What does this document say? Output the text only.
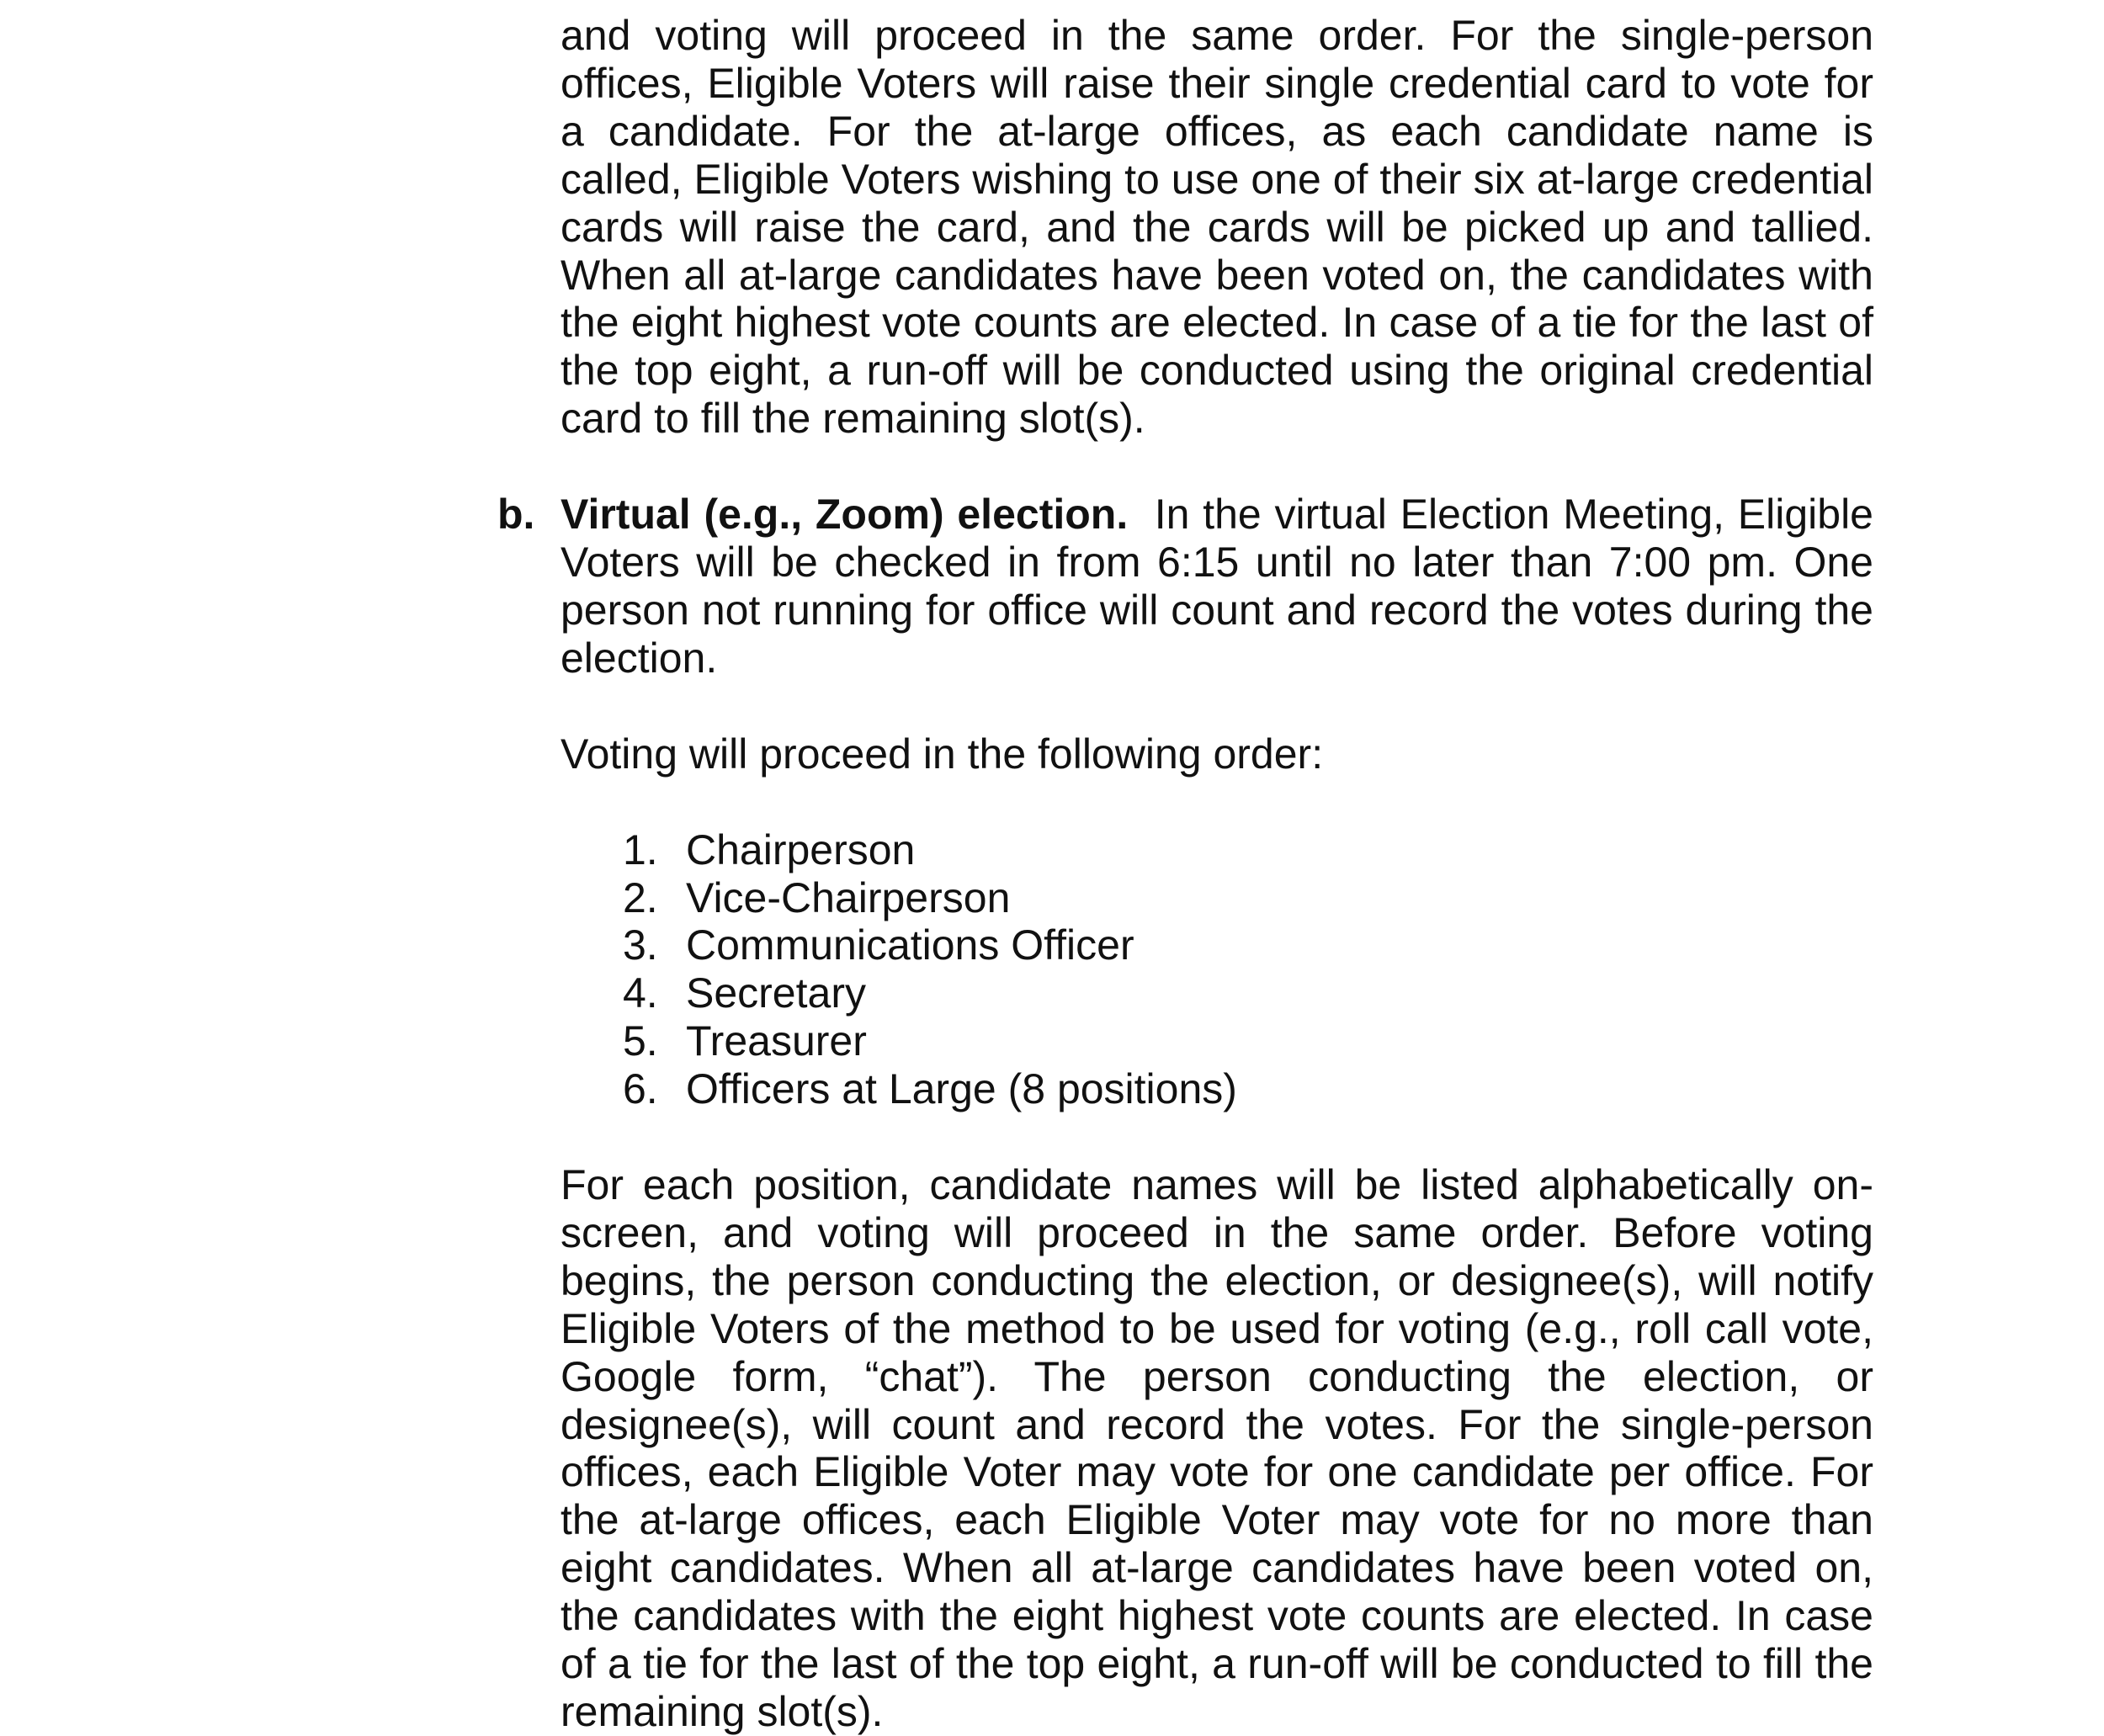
and voting will proceed in the same order. For the single-person offices, Eligible Voters will raise their single credential card to vote for a candidate. For the at-large offices, as each candidate name is called, Eligible Voters wishing to use one of their six at-large credential cards will raise the card, and the cards will be picked up and tallied. When all at-large candidates have been voted on, the candidates with the eight highest vote counts are elected. In case of a tie for the last of the top eight, a run-off will be conducted using the original credential card to fill the remaining slot(s).

b. Virtual (e.g., Zoom) election. In the virtual Election Meeting, Eligible Voters will be checked in from 6:15 until no later than 7:00 pm. One person not running for office will count and record the votes during the election.

Voting will proceed in the following order:

1. Chairperson
2. Vice-Chairperson
3. Communications Officer
4. Secretary
5. Treasurer
6. Officers at Large (8 positions)

For each position, candidate names will be listed alphabetically on-screen, and voting will proceed in the same order. Before voting begins, the person conducting the election, or designee(s), will notify Eligible Voters of the method to be used for voting (e.g., roll call vote, Google form, “chat”). The person conducting the election, or designee(s), will count and record the votes. For the single-person offices, each Eligible Voter may vote for one candidate per office. For the at-large offices, each Eligible Voter may vote for no more than eight candidates. When all at-large candidates have been voted on, the candidates with the eight highest vote counts are elected. In case of a tie for the last of the top eight, a run-off will be conducted to fill the remaining slot(s).
